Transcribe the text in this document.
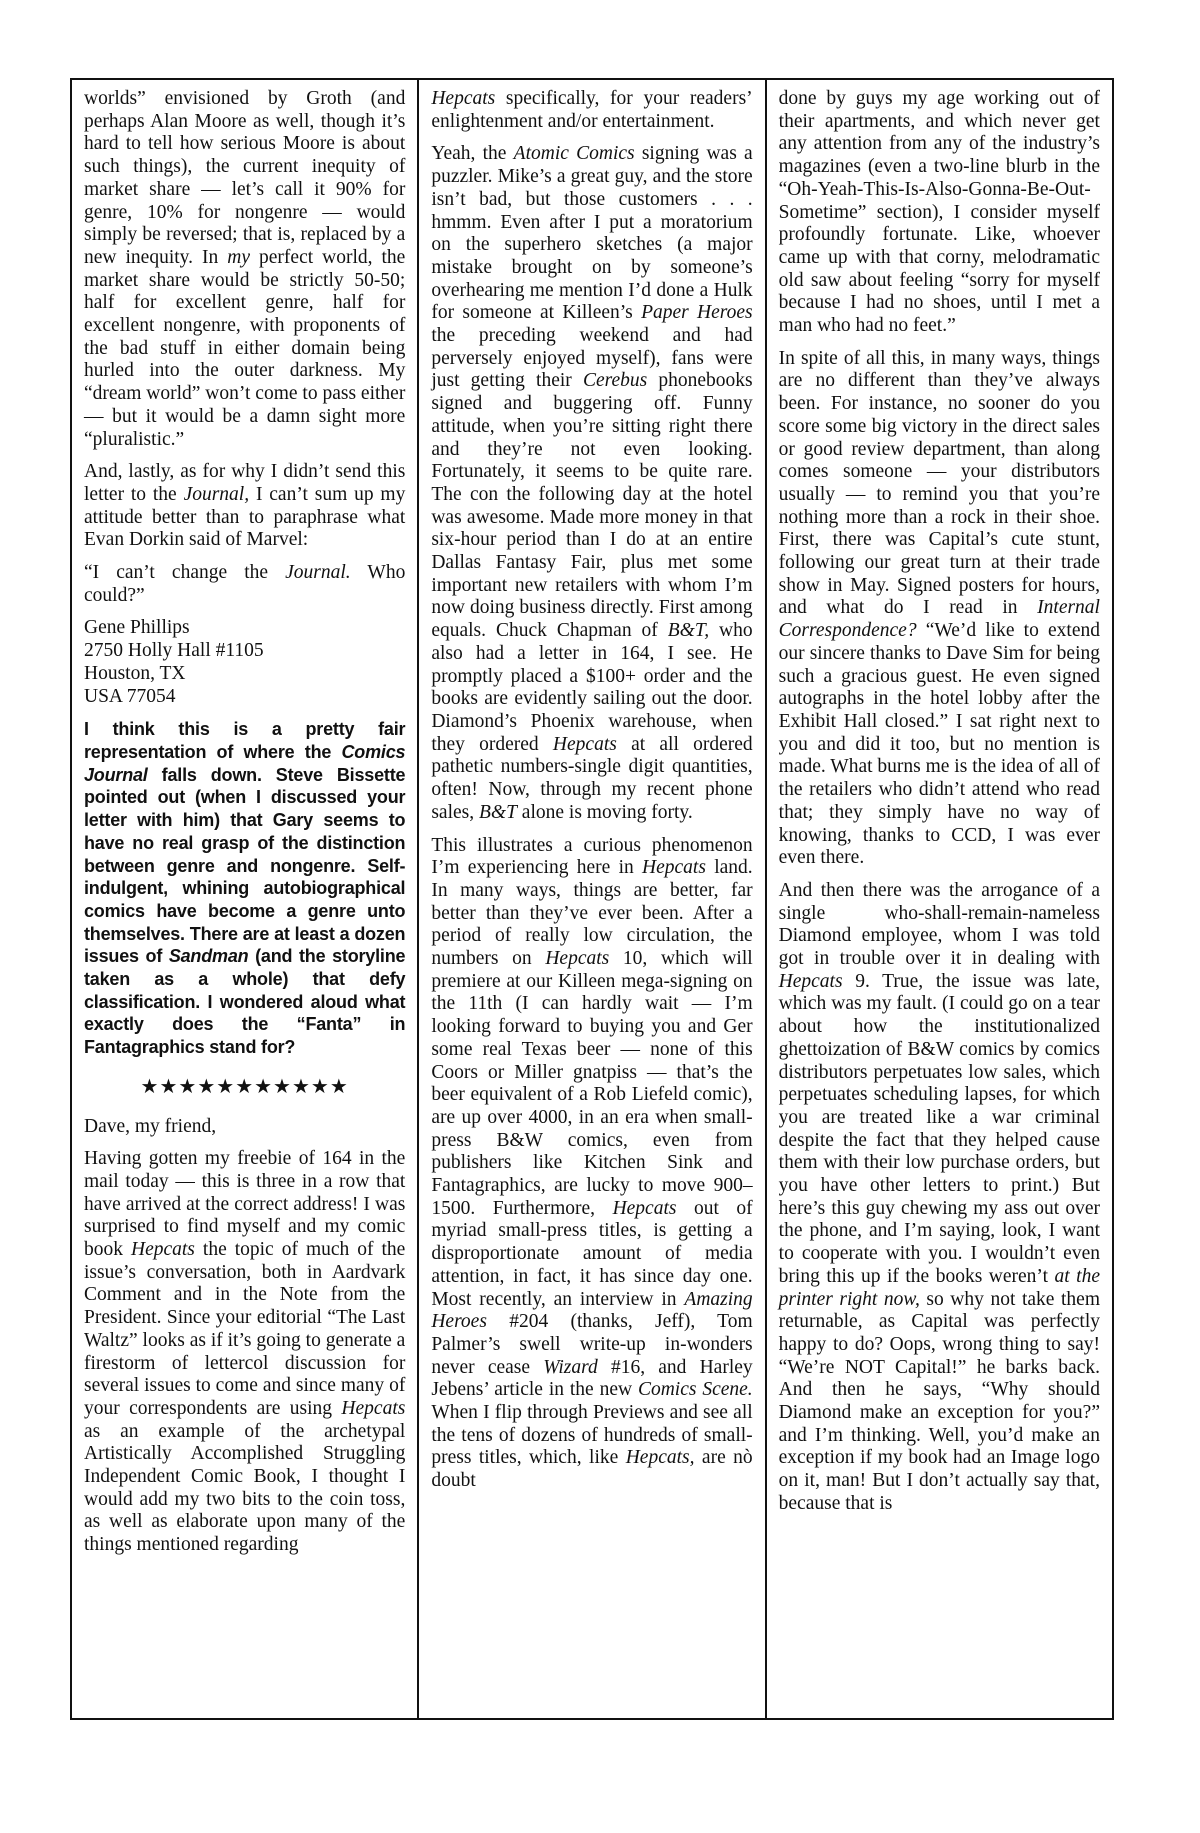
worlds” envisioned by Groth (and perhaps Alan Moore as well, though it’s hard to tell how serious Moore is about such things), the current inequity of market share — let’s call it 90% for genre, 10% for nongenre — would simply be reversed; that is, replaced by a new inequity. In my perfect world, the market share would be strictly 50-50; half for excellent genre, half for excellent nongenre, with proponents of the bad stuff in either domain being hurled into the outer darkness. My “dream world” won’t come to pass either — but it would be a damn sight more “pluralistic.”

And, lastly, as for why I didn’t send this letter to the Journal, I can’t sum up my attitude better than to paraphrase what Evan Dorkin said of Marvel:

“I can’t change the Journal. Who could?”

Gene Phillips
2750 Holly Hall #1105
Houston, TX
USA 77054

I think this is a pretty fair representation of where the Comics Journal falls down. Steve Bissette pointed out (when I discussed your letter with him) that Gary seems to have no real grasp of the distinction between genre and nongenre. Self-indulgent, whining autobiographical comics have become a genre unto themselves. There are at least a dozen issues of Sandman (and the storyline taken as a whole) that defy classification. I wondered aloud what exactly does the “Fanta” in Fantagraphics stand for?

★★★★★★★★★★★

Dave, my friend,

Having gotten my freebie of 164 in the mail today — this is three in a row that have arrived at the correct address! I was surprised to find myself and my comic book Hepcats the topic of much of the issue’s conversation, both in Aardvark Comment and in the Note from the President. Since your editorial “The Last Waltz” looks as if it’s going to generate a firestorm of lettercol discussion for several issues to come and since many of your correspondents are using Hepcats as an example of the archetypal Artistically Accomplished Struggling Independent Comic Book, I thought I would add my two bits to the coin toss, as well as elaborate upon many of the things mentioned regarding

Hepcats specifically, for your readers’ enlightenment and/or entertainment.

Yeah, the Atomic Comics signing was a puzzler. Mike’s a great guy, and the store isn’t bad, but those customers . . . hmmm. Even after I put a moratorium on the superhero sketches (a major mistake brought on by someone’s overhearing me mention I’d done a Hulk for someone at Killeen’s Paper Heroes the preceding weekend and had perversely enjoyed myself), fans were just getting their Cerebus phonebooks signed and buggering off. Funny attitude, when you’re sitting right there and they’re not even looking. Fortunately, it seems to be quite rare. The con the following day at the hotel was awesome. Made more money in that six-hour period than I do at an entire Dallas Fantasy Fair, plus met some important new retailers with whom I’m now doing business directly. First among equals. Chuck Chapman of B&T, who also had a letter in 164, I see. He promptly placed a $100+ order and the books are evidently sailing out the door. Diamond’s Phoenix warehouse, when they ordered Hepcats at all ordered pathetic numbers-single digit quantities, often! Now, through my recent phone sales, B&T alone is moving forty.

This illustrates a curious phenomenon I’m experiencing here in Hepcats land. In many ways, things are better, far better than they’ve ever been. After a period of really low circulation, the numbers on Hepcats 10, which will premiere at our Killeen mega-signing on the 11th (I can hardly wait — I’m looking forward to buying you and Ger some real Texas beer — none of this Coors or Miller gnatpiss — that’s the beer equivalent of a Rob Liefeld comic), are up over 4000, in an era when small-press B&W comics, even from publishers like Kitchen Sink and Fantagraphics, are lucky to move 900–1500. Furthermore, Hepcats out of myriad small-press titles, is getting a disproportionate amount of media attention, in fact, it has since day one. Most recently, an interview in Amazing Heroes #204 (thanks, Jeff), Tom Palmer’s swell write-up in-wonders never cease Wizard #16, and Harley Jebens’ article in the new Comics Scene. When I flip through Previews and see all the tens of dozens of hundreds of small-press titles, which, like Hepcats, are nò doubt

done by guys my age working out of their apartments, and which never get any attention from any of the industry’s magazines (even a two-line blurb in the “Oh-Yeah-This-Is-Also-Gonna-Be-Out-Sometime” section), I consider myself profoundly fortunate. Like, whoever came up with that corny, melodramatic old saw about feeling “sorry for myself because I had no shoes, until I met a man who had no feet.”

In spite of all this, in many ways, things are no different than they’ve always been. For instance, no sooner do you score some big victory in the direct sales or good review department, than along comes someone — your distributors usually — to remind you that you’re nothing more than a rock in their shoe. First, there was Capital’s cute stunt, following our great turn at their trade show in May. Signed posters for hours, and what do I read in Internal Correspondence? “We’d like to extend our sincere thanks to Dave Sim for being such a gracious guest. He even signed autographs in the hotel lobby after the Exhibit Hall closed.” I sat right next to you and did it too, but no mention is made. What burns me is the idea of all of the retailers who didn’t attend who read that; they simply have no way of knowing, thanks to CCD, I was ever even there.

And then there was the arrogance of a single who-shall-remain-nameless Diamond employee, whom I was told got in trouble over it in dealing with Hepcats 9. True, the issue was late, which was my fault. (I could go on a tear about how the institutionalized ghettoization of B&W comics by comics distributors perpetuates low sales, which perpetuates scheduling lapses, for which you are treated like a war criminal despite the fact that they helped cause them with their low purchase orders, but you have other letters to print.) But here’s this guy chewing my ass out over the phone, and I’m saying, look, I want to cooperate with you. I wouldn’t even bring this up if the books weren’t at the printer right now, so why not take them returnable, as Capital was perfectly happy to do? Oops, wrong thing to say! “We’re NOT Capital!” he barks back. And then he says, “Why should Diamond make an exception for you?” and I’m thinking. Well, you’d make an exception if my book had an Image logo on it, man! But I don’t actually say that, because that is
